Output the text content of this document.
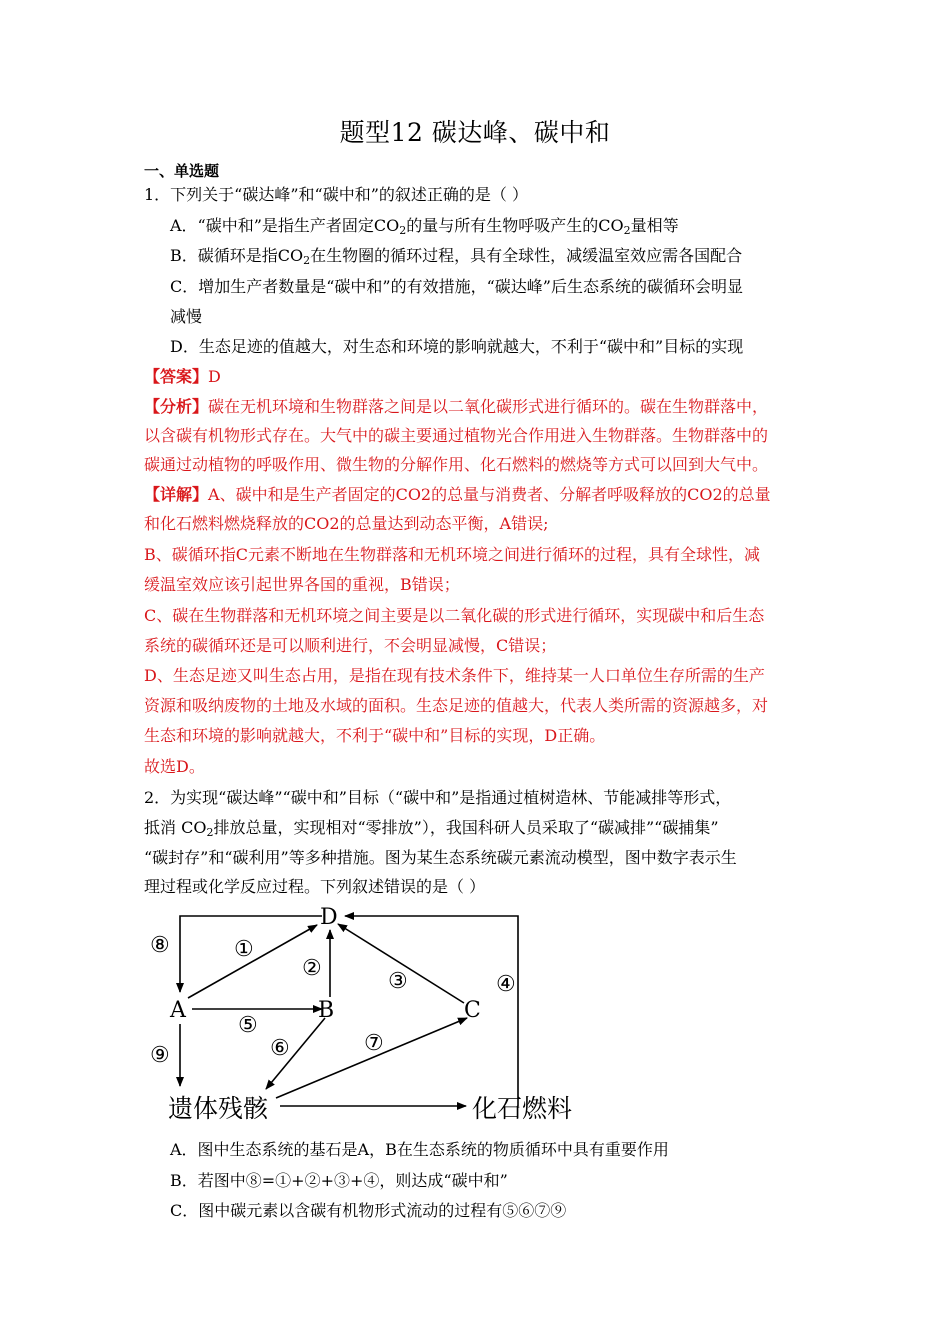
题型12 碳达峰、碳中和
一、单选题
1．下列关于“碳达峰”和“碳中和”的叙述正确的是（ ）
A．“碳中和”是指生产者固定$CO_2$的量与所有生物呼吸产生的$CO_2$量相等
B．碳循环是指$CO_2$在生物圈的循环过程，具有全球性，减缓温室效应需各国配合
C．增加生产者数量是“碳中和”的有效措施，“碳达峰”后生态系统的碳循环会明显
减慢
D．生态足迹的值越大，对生态和环境的影响就越大，不利于“碳中和”目标的实现
【答案】D
【分析】碳在无机环境和生物群落之间是以二氧化碳形式进行循环的。碳在生物群落中，
以含碳有机物形式存在。大气中的碳主要通过植物光合作用进入生物群落。生物群落中的
碳通过动植物的呼吸作用、微生物的分解作用、化石燃料的燃烧等方式可以回到大气中。
【详解】A、碳中和是生产者固定的CO2的总量与消费者、分解者呼吸释放的CO2的总量
和化石燃料燃烧释放的CO2的总量达到动态平衡，A错误;
B、碳循环指C元素不断地在生物群落和无机环境之间进行循环的过程，具有全球性，减
缓温室效应该引起世界各国的重视，B错误；
C、碳在生物群落和无机环境之间主要是以二氧化碳的形式进行循环，实现碳中和后生态
系统的碳循环还是可以顺利进行，不会明显减慢，C错误；
D、生态足迹又叫生态占用，是指在现有技术条件下，维持某一人口单位生存所需的生产
资源和吸纳废物的土地及水域的面积。生态足迹的值越大，代表人类所需的资源越多，对
生态和环境的影响就越大，不利于“碳中和”目标的实现，D正确。
故选D。
2．为实现“碳达峰”“碳中和”目标（“碳中和”是指通过植树造林、节能减排等形式，
抵消 $CO_2$排放总量，实现相对“零排放”），我国科研人员采取了“碳减排”“碳捕集”
“碳封存”和“碳利用”等多种措施。图为某生态系统碳元素流动模型，图中数字表示生
理过程或化学反应过程。下列叙述错误的是（ ）
D
A	B	C
遗体残骸	化石燃料
⑧	①
②
③	④
⑤
⑥	⑦
⑨
A．图中生态系统的基石是A，B在生态系统的物质循环中具有重要作用
B．若图中⑧=①+②+③+④，则达成“碳中和”
C．图中碳元素以含碳有机物形式流动的过程有⑤⑥⑦⑨
